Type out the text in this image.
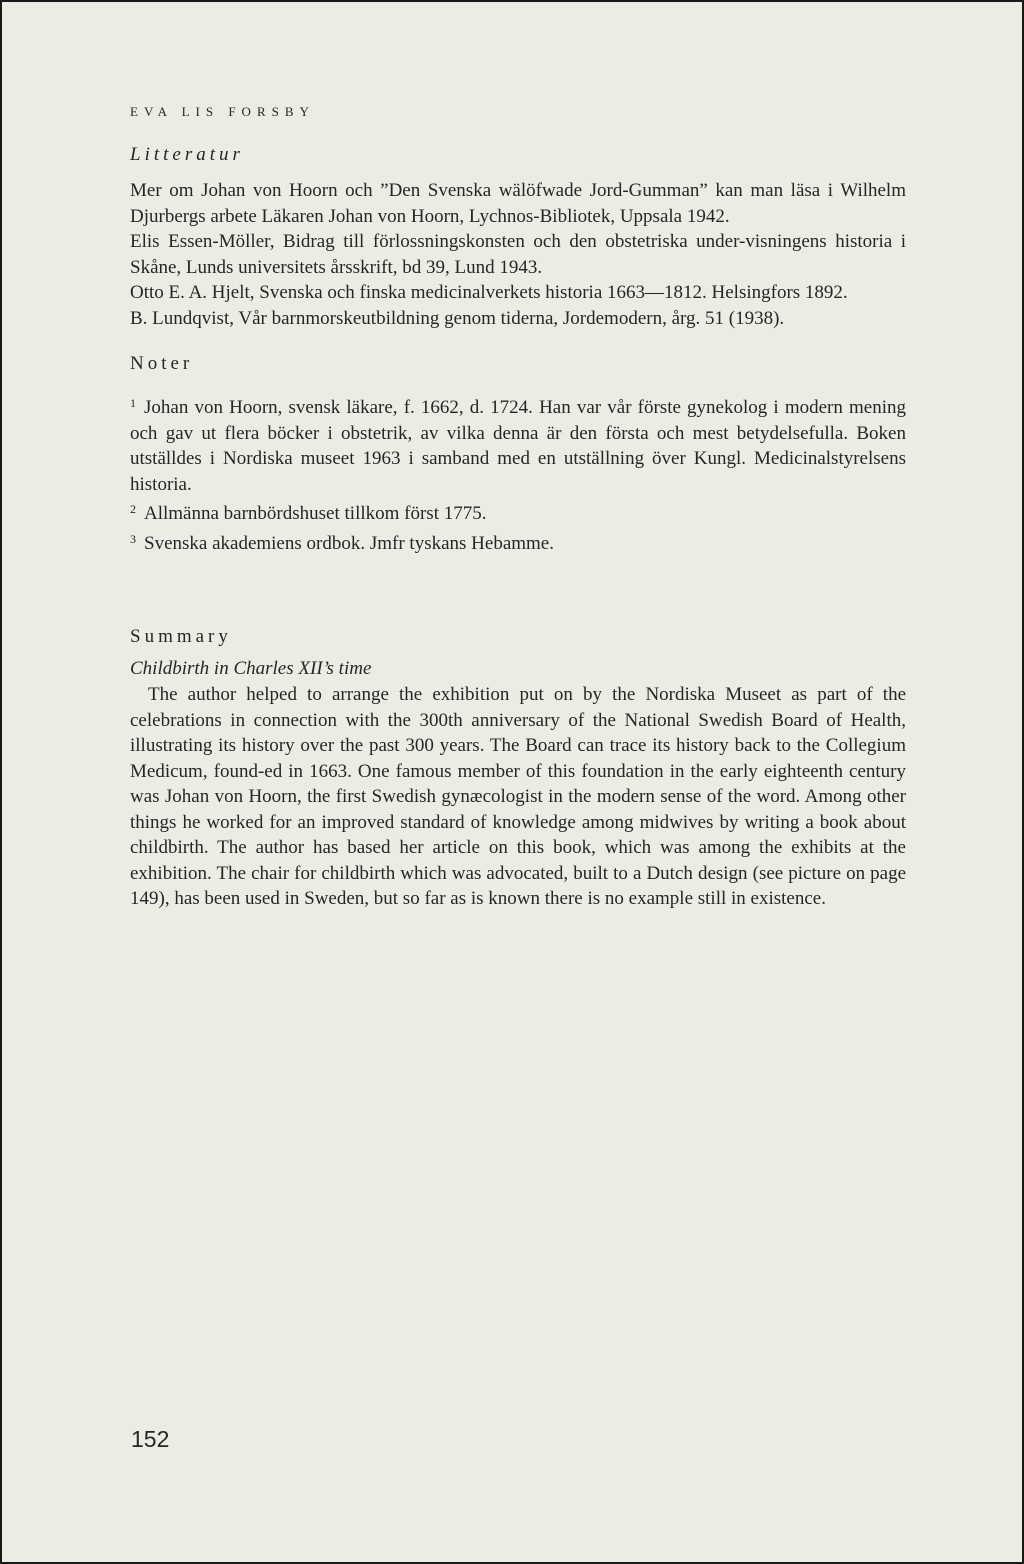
EVA LIS FORSBY

Litteratur

Mer om Johan von Hoorn och ”Den Svenska wälöfwade Jord-Gumman” kan man läsa i Wilhelm Djurbergs arbete Läkaren Johan von Hoorn, Lychnos-Bibliotek, Uppsala 1942.

Elis Essen-Möller, Bidrag till förlossningskonsten och den obstetriska under-visningens historia i Skåne, Lunds universitets årsskrift, bd 39, Lund 1943.

Otto E. A. Hjelt, Svenska och finska medicinalverkets historia 1663—1812. Helsingfors 1892.

B. Lundqvist, Vår barnmorskeutbildning genom tiderna, Jordemodern, årg. 51 (1938).

Noter

$^1$ Johan von Hoorn, svensk läkare, f. 1662, d. 1724. Han var vår förste gynekolog i modern mening och gav ut flera böcker i obstetrik, av vilka denna är den första och mest betydelsefulla. Boken utställdes i Nordiska museet 1963 i samband med en utställning över Kungl. Medicinalstyrelsens historia.

$^2$ Allmänna barnbördshuset tillkom först 1775.

$^3$ Svenska akademiens ordbok. Jmfr tyskans Hebamme.

Summary

Childbirth in Charles XII’s time

The author helped to arrange the exhibition put on by the Nordiska Museet as part of the celebrations in connection with the 300th anniversary of the National Swedish Board of Health, illustrating its history over the past 300 years. The Board can trace its history back to the Collegium Medicum, found-ed in 1663. One famous member of this foundation in the early eighteenth century was Johan von Hoorn, the first Swedish gynæcologist in the modern sense of the word. Among other things he worked for an improved standard of knowledge among midwives by writing a book about childbirth. The author has based her article on this book, which was among the exhibits at the exhibition. The chair for childbirth which was advocated, built to a Dutch design (see picture on page 149), has been used in Sweden, but so far as is known there is no example still in existence.

152
